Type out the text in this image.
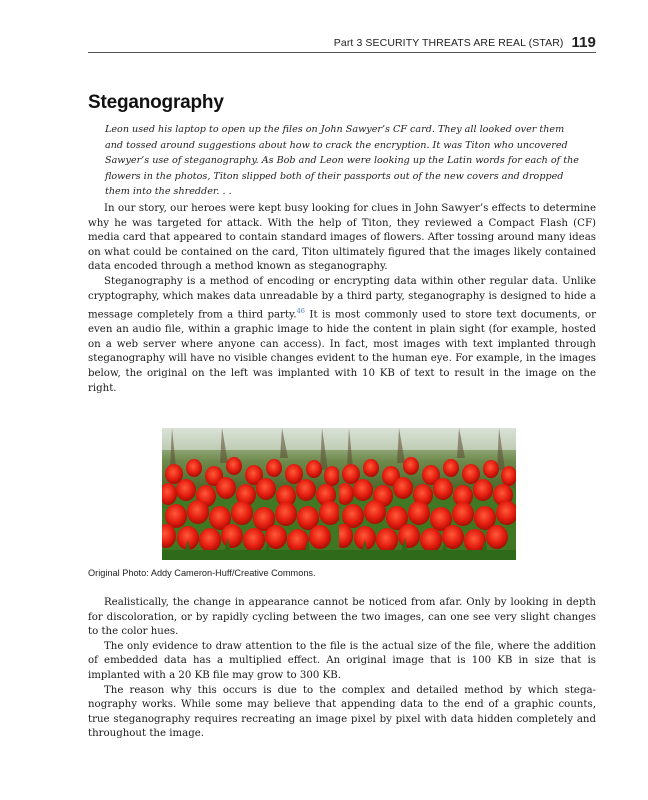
Part 3 SECURITY THREATS ARE REAL (STAR) 119
Steganography

Leon used his laptop to open up the files on John Sawyer’s CF card. They all looked over them and tossed around suggestions about how to crack the encryption. It was Titon who uncovered Sawyer’s use of steganography. As Bob and Leon were looking up the Latin words for each of the flowers in the photos, Titon slipped both of their passports out of the new covers and dropped them into the shredder. . .

In our story, our heroes were kept busy looking for clues in John Sawyer’s effects to determine why he was targeted for attack. With the help of Titon, they reviewed a Compact Flash (CF) media card that appeared to contain standard images of flowers. After tossing around many ideas on what could be contained on the card, Titon ultimately figured that the images likely contained data encoded through a method known as steganography.

Steganography is a method of encoding or encrypting data within other regular data. Unlike cryptography, which makes data unreadable by a third party, steganography is designed to hide a message completely from a third party.$^{46}$ It is most commonly used to store text documents, or even an audio file, within a graphic image to hide the content in plain sight (for example, hosted on a web server where anyone can access). In fact, most images with text implanted through steganography will have no visible changes evident to the human eye. For example, in the images below, the original on the left was implanted with 10 KB of text to result in the image on the right.

Original Photo: Addy Cameron-Huff/Creative Commons.

Realistically, the change in appearance cannot be noticed from afar. Only by looking in depth for discoloration, or by rapidly cycling between the two images, can one see very slight changes to the color hues.

The only evidence to draw attention to the file is the actual size of the file, where the addition of embedded data has a multiplied effect. An original image that is 100 KB in size that is implanted with a 20 KB file may grow to 300 KB.

The reason why this occurs is due to the complex and detailed method by which steganography works. While some may believe that appending data to the end of a graphic counts, true steganography requires recreating an image pixel by pixel with data hidden completely and throughout the image.
